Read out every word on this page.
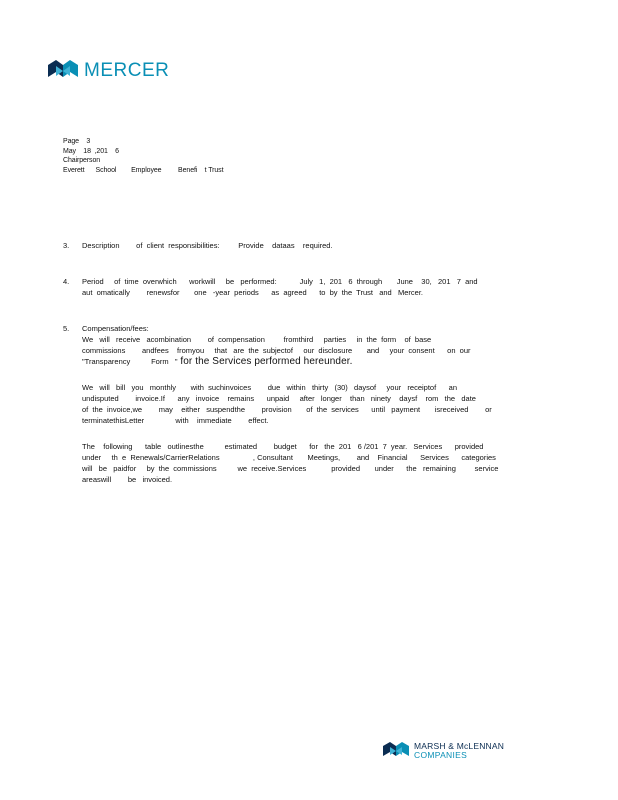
MERCER
Page    3
May    18  ,201    6
Chairperson
Everett      School        Employee         Benefi    t Trust
3.	Description        of  client  responsibilities:         Provide    dataas    required.

4.	Period     of  time  overwhich      workwill     be   performed:           July   1,  201   6  through       June    30,   201   7  and
aut  omatically        renewsfor       one   -year  periods      as  agreed      to  by  the  Trust   and   Mercer.

5.	Compensation/fees:
We   will   receive   acombination        of  compensation         fromthird     parties     in  the  form    of  base
commissions        andfees    fromyou     that   are  the  subjectof     our  disclosure       and     your  consent      on  our
"Transparency          Form   " for the Services performed hereunder.

We   will   bill   you   monthly       with  suchinvoices        due   within   thirty   (30)   daysof     your   receiptof      an
undisputed        invoice.If      any   invoice    remains      unpaid     after   longer    than   ninety    daysf    rom   the   date
of  the  invoice,we        may    either   suspendthe        provision       of  the  services      until   payment       isreceived        or
terminatethisLetter               with    immediate        effect.

The    following      table   outlinesthe          estimated        budget      for   the  201   6 /201  7  year.   Services      provided
under     th  e  Renewals/CarrierRelations                , Consultant       Meetings,        and    Financial      Services      categories
will   be   paidfor     by  the  commissions          we  receive.Services            provided       under      the   remaining         service
areaswill        be   invoiced.

MARSH & McLENNAN
COMPANIES
